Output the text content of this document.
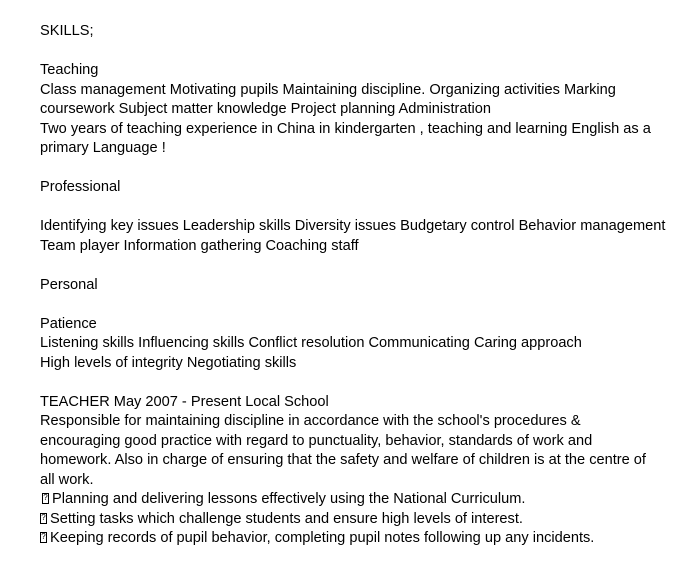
SKILLS;
Teaching
Class management Motivating pupils Maintaining discipline. Organizing activities Marking
coursework Subject matter knowledge Project planning Administration
Two years of teaching experience in China in kindergarten , teaching and learning English as a
primary Language !
Professional
Identifying key issues Leadership skills Diversity issues Budgetary control Behavior management
Team player Information gathering Coaching staff
Personal
Patience
Listening skills Influencing skills Conflict resolution Communicating Caring approach
High levels of integrity Negotiating skills
TEACHER May 2007 - Present Local School
Responsible for maintaining discipline in accordance with the school's procedures &
encouraging good practice with regard to punctuality, behavior, standards of work and
homework. Also in charge of ensuring that the safety and welfare of children is at the centre of
all work.
?Planning and delivering lessons effectively using the National Curriculum.
?Setting tasks which challenge students and ensure high levels of interest.
?Keeping records of pupil behavior, completing pupil notes following up any incidents.
